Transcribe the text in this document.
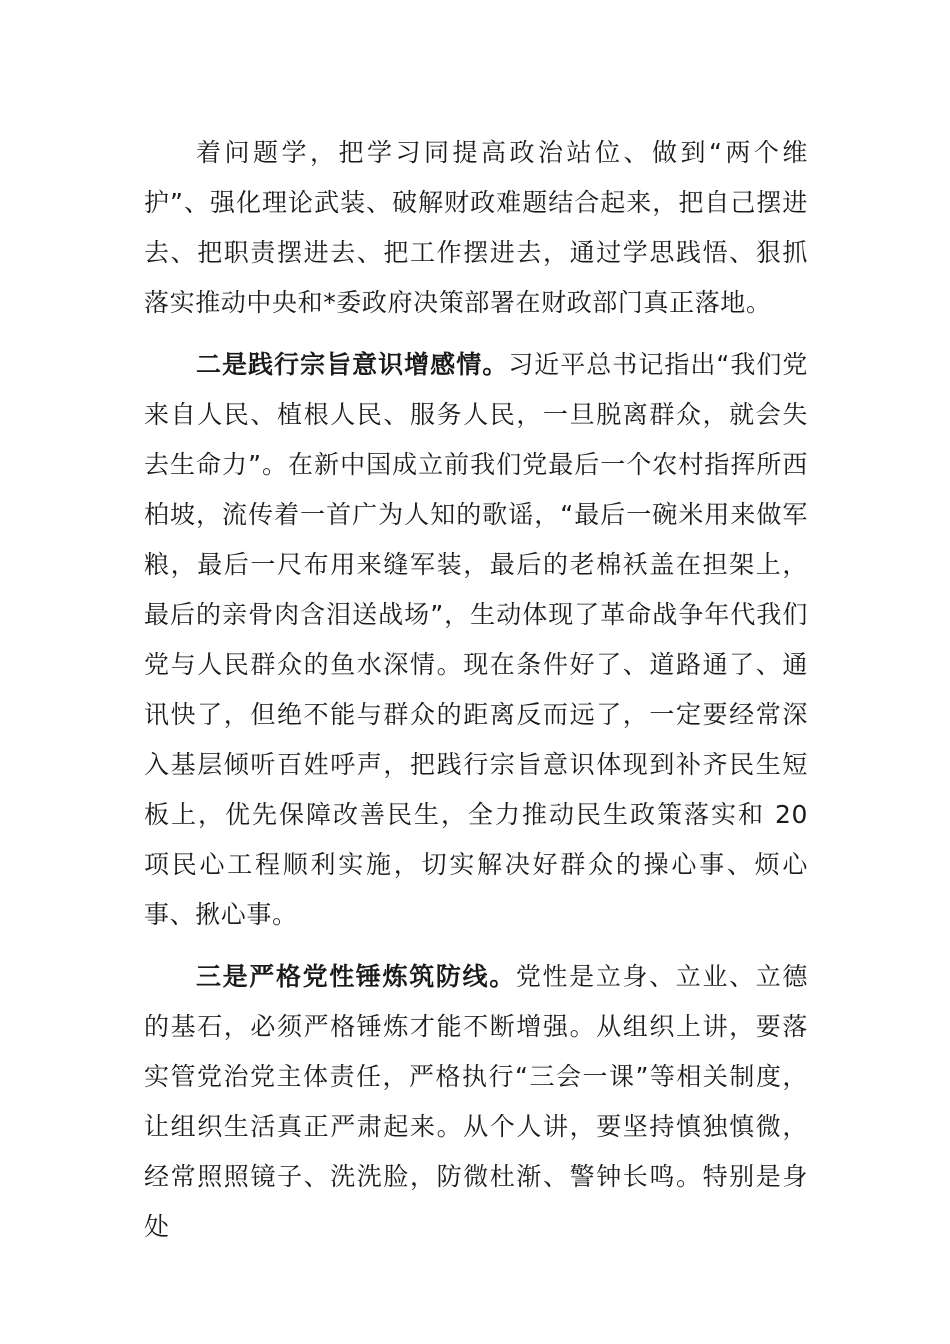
着问题学，把学习同提高政治站位、做到“两个维护”、强化理论武装、破解财政难题结合起来，把自己摆进去、把职责摆进去、把工作摆进去，通过学思践悟、狠抓落实推动中央和*委政府决策部署在财政部门真正落地。

二是践行宗旨意识增感情。习近平总书记指出“我们党来自人民、植根人民、服务人民，一旦脱离群众，就会失去生命力”。在新中国成立前我们党最后一个农村指挥所西柏坡，流传着一首广为人知的歌谣，“最后一碗米用来做军粮，最后一尺布用来缝军装，最后的老棉袄盖在担架上，最后的亲骨肉含泪送战场”，生动体现了革命战争年代我们党与人民群众的鱼水深情。现在条件好了、道路通了、通讯快了，但绝不能与群众的距离反而远了，一定要经常深入基层倾听百姓呼声，把践行宗旨意识体现到补齐民生短板上，优先保障改善民生，全力推动民生政策落实和 20 项民心工程顺利实施，切实解决好群众的操心事、烦心事、揪心事。

三是严格党性锤炼筑防线。党性是立身、立业、立德的基石，必须严格锤炼才能不断增强。从组织上讲，要落实管党治党主体责任，严格执行“三会一课”等相关制度，让组织生活真正严肃起来。从个人讲，要坚持慎独慎微，经常照照镜子、洗洗脸，防微杜渐、警钟长鸣。特别是身处
